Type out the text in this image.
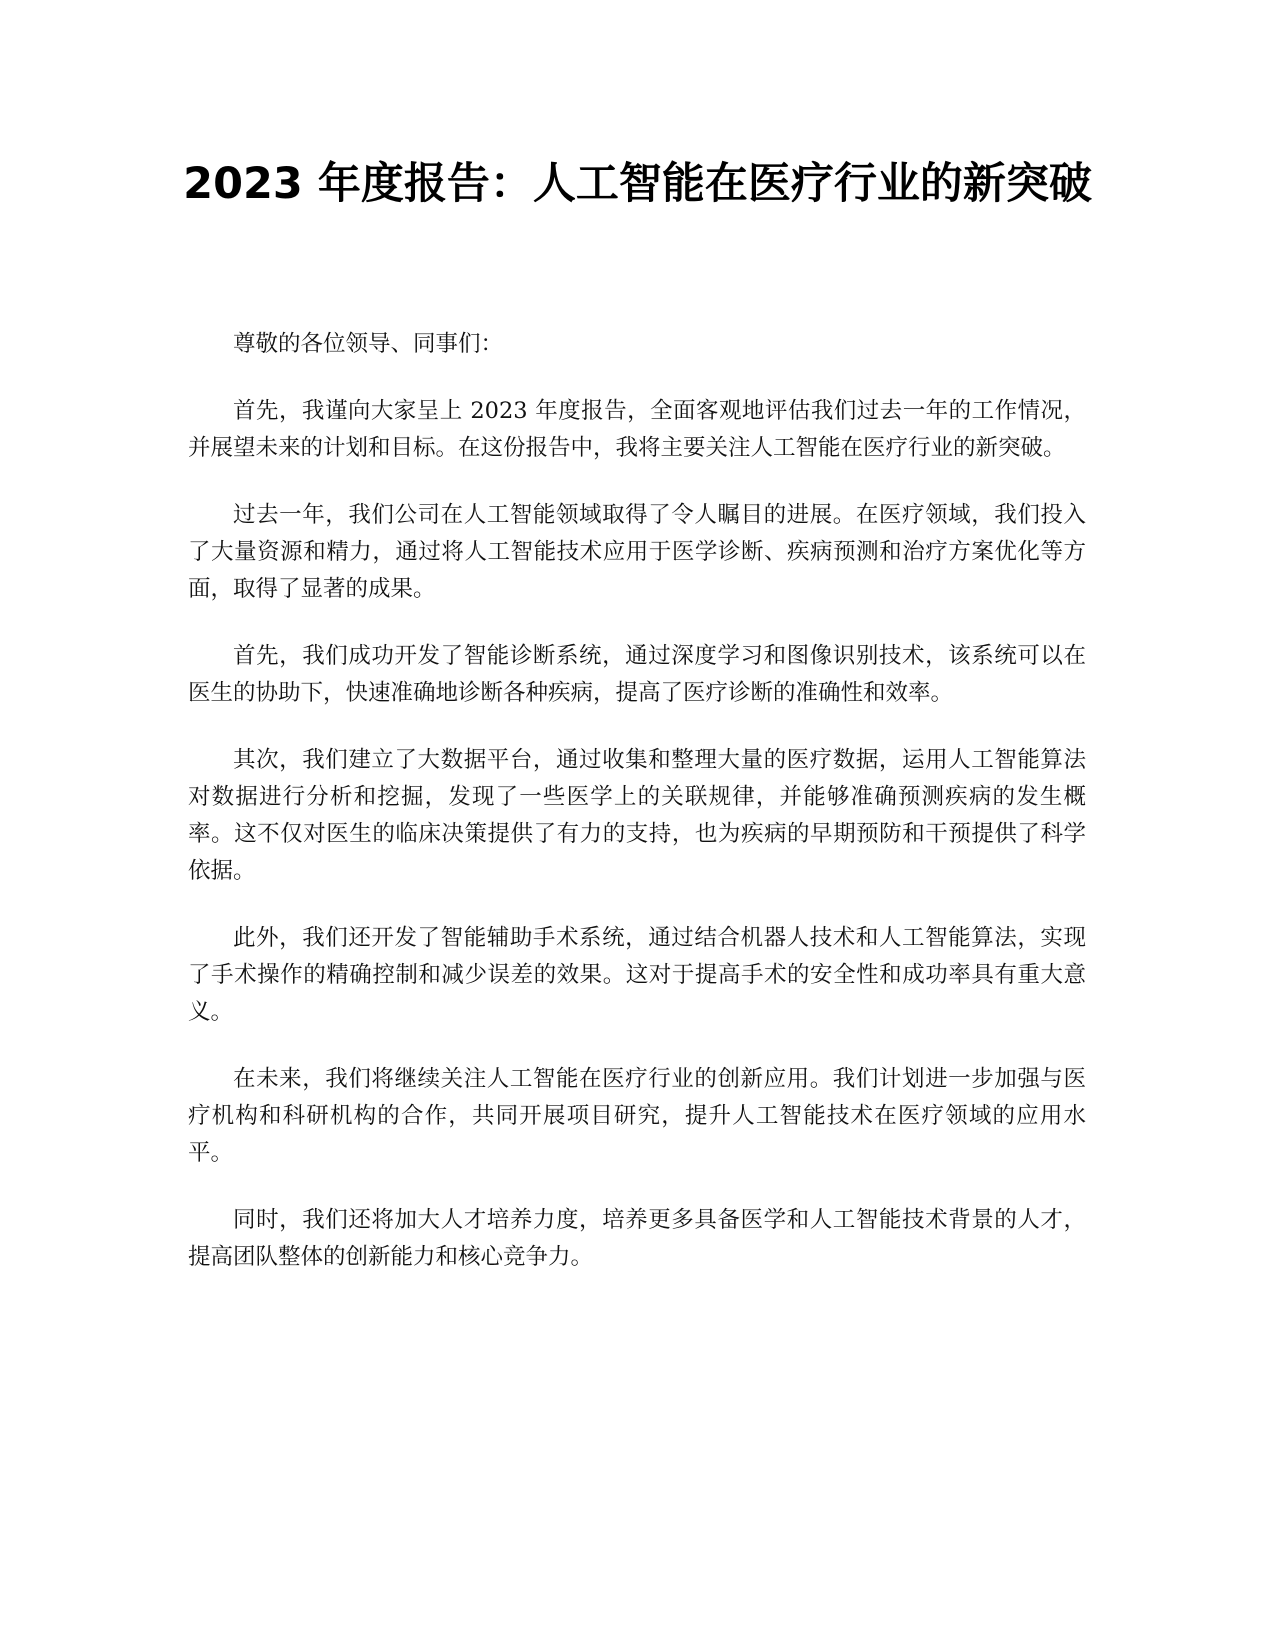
2023 年度报告：人工智能在医疗行业的新突破

尊敬的各位领导、同事们：

首先，我谨向大家呈上 2023 年度报告，全面客观地评估我们过去一年的工作情况，并展望未来的计划和目标。在这份报告中，我将主要关注人工智能在医疗行业的新突破。

过去一年，我们公司在人工智能领域取得了令人瞩目的进展。在医疗领域，我们投入了大量资源和精力，通过将人工智能技术应用于医学诊断、疾病预测和治疗方案优化等方面，取得了显著的成果。

首先，我们成功开发了智能诊断系统，通过深度学习和图像识别技术，该系统可以在医生的协助下，快速准确地诊断各种疾病，提高了医疗诊断的准确性和效率。

其次，我们建立了大数据平台，通过收集和整理大量的医疗数据，运用人工智能算法对数据进行分析和挖掘，发现了一些医学上的关联规律，并能够准确预测疾病的发生概率。这不仅对医生的临床决策提供了有力的支持，也为疾病的早期预防和干预提供了科学依据。

此外，我们还开发了智能辅助手术系统，通过结合机器人技术和人工智能算法，实现了手术操作的精确控制和减少误差的效果。这对于提高手术的安全性和成功率具有重大意义。

在未来，我们将继续关注人工智能在医疗行业的创新应用。我们计划进一步加强与医疗机构和科研机构的合作，共同开展项目研究，提升人工智能技术在医疗领域的应用水平。

同时，我们还将加大人才培养力度，培养更多具备医学和人工智能技术背景的人才，提高团队整体的创新能力和核心竞争力。
